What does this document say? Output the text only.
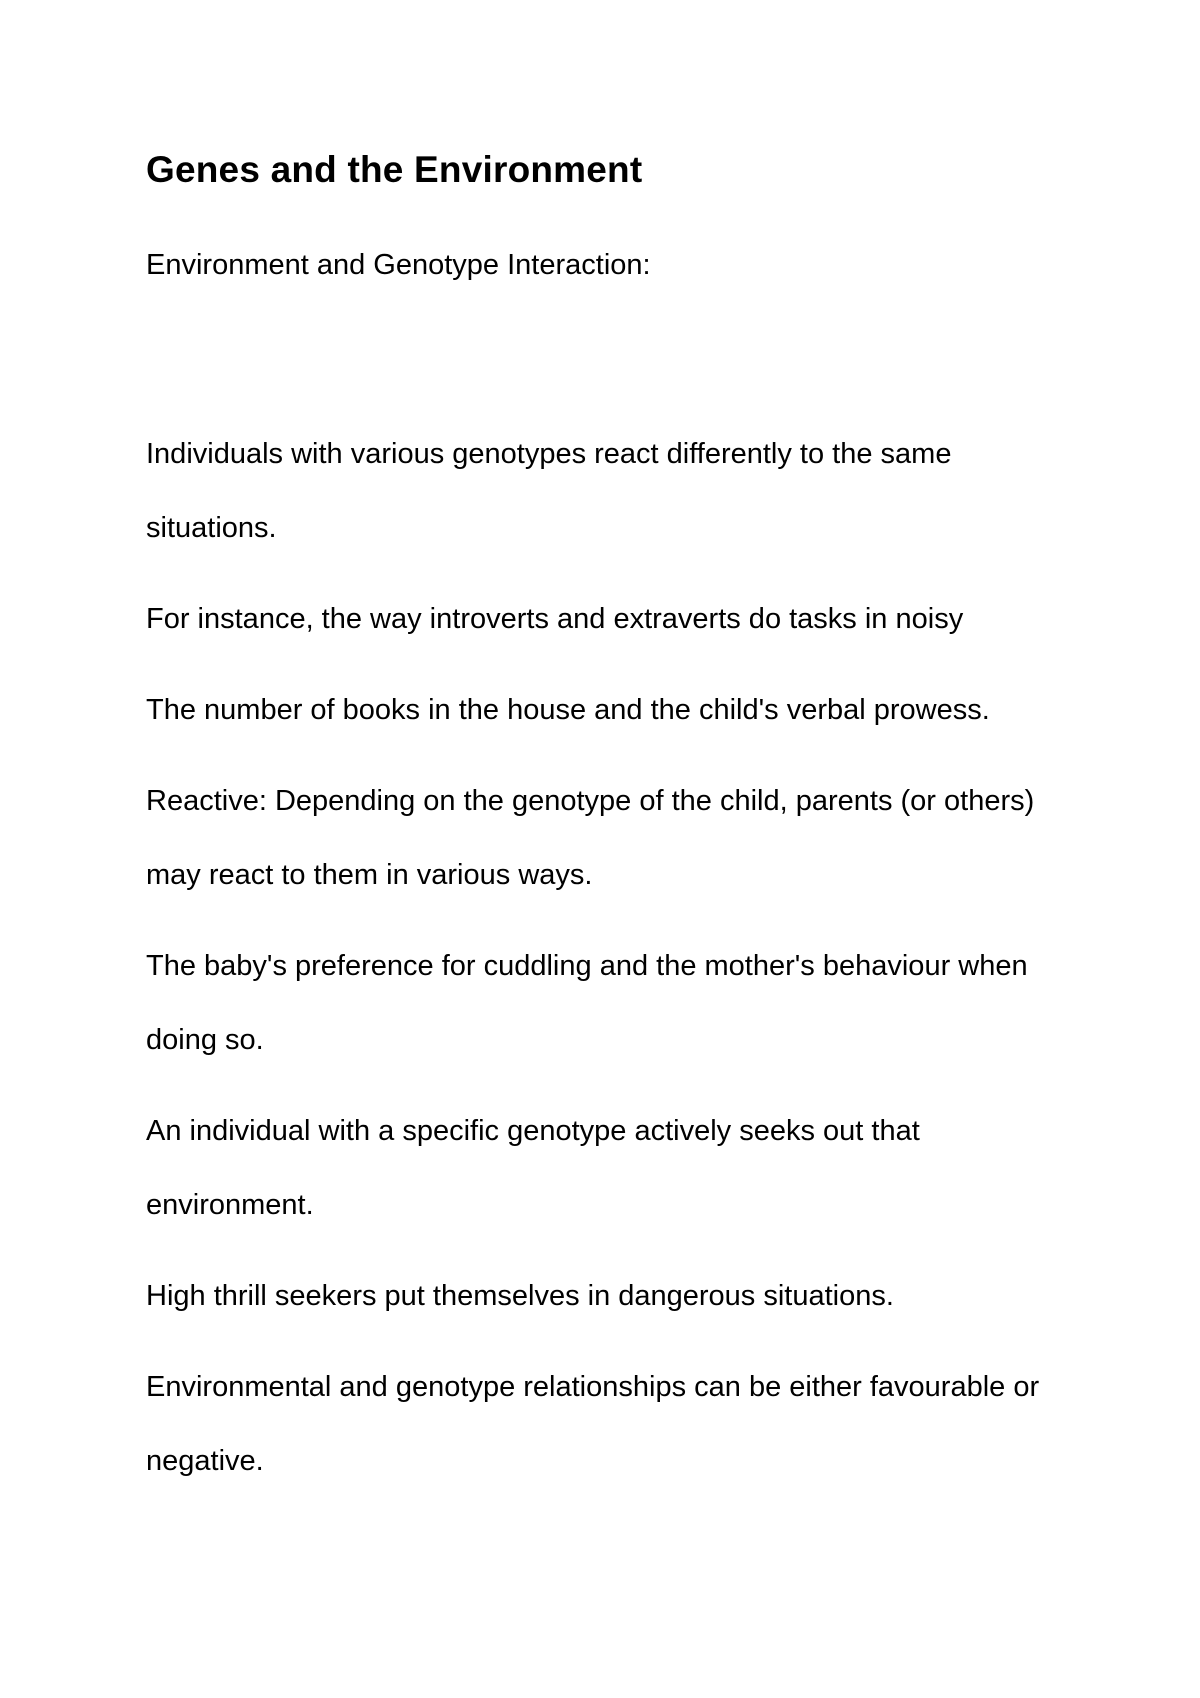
Genes and the Environment

Environment and Genotype Interaction:

Individuals with various genotypes react differently to the same situations.

For instance, the way introverts and extraverts do tasks in noisy

The number of books in the house and the child's verbal prowess.

Reactive: Depending on the genotype of the child, parents (or others) may react to them in various ways.

The baby's preference for cuddling and the mother's behaviour when doing so.

An individual with a specific genotype actively seeks out that environment.

High thrill seekers put themselves in dangerous situations.

Environmental and genotype relationships can be either favourable or negative.
